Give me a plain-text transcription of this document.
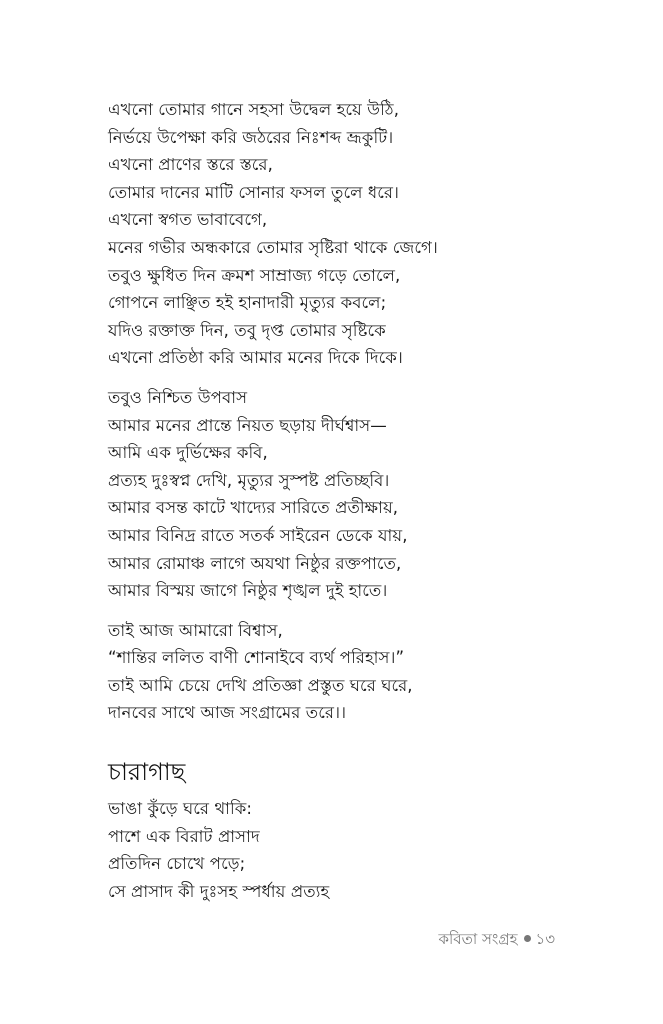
এখনো তোমার গানে সহসা উদ্বেল হয়ে উঠি,
নির্ভয়ে উপেক্ষা করি জঠরের নিঃশব্দ ভ্রূকুটি।
এখনো প্রাণের স্তরে স্তরে,
তোমার দানের মাটি সোনার ফসল তুলে ধরে।
এখনো স্বগত ভাবাবেগে,
মনের গভীর অন্ধকারে তোমার সৃষ্টিরা থাকে জেগে।
তবুও ক্ষুধিত দিন ক্রমশ সাম্রাজ্য গড়ে তোলে,
গোপনে লাঞ্ছিত হই হানাদারী মৃত্যুর কবলে;
যদিও রক্তাক্ত দিন, তবু দৃপ্ত তোমার সৃষ্টিকে
এখনো প্রতিষ্ঠা করি আমার মনের দিকে দিকে।
তবুও নিশ্চিত উপবাস
আমার মনের প্রান্তে নিয়ত ছড়ায় দীর্ঘশ্বাস—
আমি এক দুর্ভিক্ষের কবি,
প্রত্যহ দুঃস্বপ্ন দেখি, মৃত্যুর সুস্পষ্ট প্রতিচ্ছবি।
আমার বসন্ত কাটে খাদ্যের সারিতে প্রতীক্ষায়,
আমার বিনিদ্র রাতে সতর্ক সাইরেন ডেকে যায়,
আমার রোমাঞ্চ লাগে অযথা নিষ্ঠুর রক্তপাতে,
আমার বিস্ময় জাগে নিষ্ঠুর শৃঙ্খল দুই হাতে।
তাই আজ আমারো বিশ্বাস,
“শান্তির ললিত বাণী শোনাইবে ব্যর্থ পরিহাস।”
তাই আমি চেয়ে দেখি প্রতিজ্ঞা প্রস্তুত ঘরে ঘরে,
দানবের সাথে আজ সংগ্রামের তরে।।
চারাগাছ
ভাঙা কুঁড়ে ঘরে থাকি:
পাশে এক বিরাট প্রাসাদ
প্রতিদিন চোখে পড়ে;
সে প্রাসাদ কী দুঃসহ স্পর্ধায় প্রত্যহ
কবিতা সংগ্রহ ১৩
